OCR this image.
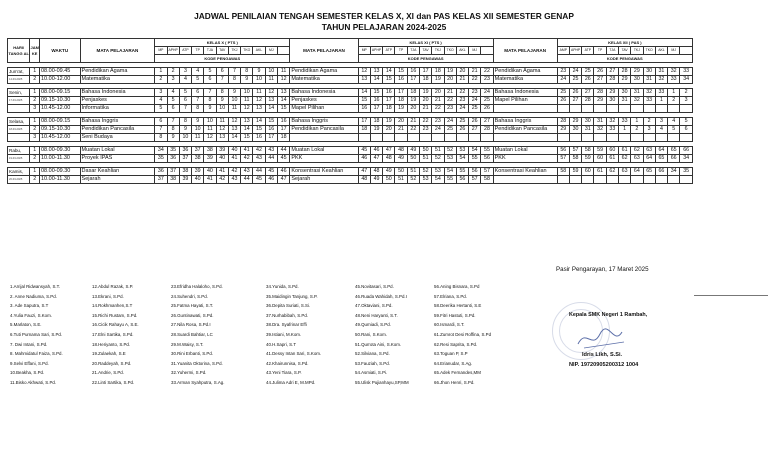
JADWAL PENILAIAN TENGAH SEMESTER KELAS X, XI dan PAS KELAS XII SEMESTER GENAP
TAHUN PELAJARAN 2024-2025
HARI/ TANGG AL	JAM KE	WAKTU	MATA PELAJARAN	KELAS X ( PTS )											MATA PELAJARAN	KELAS XI ( PTS )											MATA PELAJARAN	KELAS XII ( PAS )										
				MP	APHP	ATP	TP	TJA	TAV	TKJ	TKO	AKL	MJ			MP	APHP	ATP	TP	TJA	TAV	TKJ	TKO	AKL	MJ			AMP	APHP	ATP	TP	TJA	TAV	TKJ	TKO	AKL	MJ	
				KODE PENGAWAS												KODE PENGAWAS												KODE PENGAWAS										

Jum'at,	1	08.00-09.45	Pendidikan Agama	1	2	3	4	5	6	7	8	9	10	11	Pendidikan Agama	12	13	14	15	16	17	18	19	20	21	22	Pendidikan Agama	23	24	25	26	27	28	29	30	31	32	33
14-03-2025	2	10.00-12.00	Matematika	2	3	4	5	6	7	8	9	10	11	12	Matematika	13	14	15	16	17	18	19	20	21	22	23	Matematika	24	25	26	27	28	29	30	31	32	33	34

Senin,	1	08.00-09.15	Bahasa Indonesia	3	4	5	6	7	8	9	10	11	12	13	Bahasa Indonesia	14	15	16	17	18	19	20	21	22	23	24	Bahasa Indonesia	25	26	27	28	29	30	31	32	33	1	2
17-03-2025	2	09.15-10.30	Penjaskes	4	5	6	7	8	9	10	11	12	13	14	Penjaskes	15	16	17	18	19	20	21	22	23	24	25	Mapel Pilihan	26	27	28	29	30	31	32	33	1	2	3
	3	10.45-12.00	Informatika	5	6	7	8	9	10	11	12	13	14	15	Mapel Pilihan	16	17	18	19	20	21	22	23	24	25	26												

Selasa,	1	08.00-09.15	Bahasa Inggris	6	7	8	9	10	11	12	13	14	15	16	Bahasa Inggris	17	18	19	20	21	22	23	24	25	26	27	Bahasa Inggris	28	29	30	31	32	33	1	2	3	4	5
18-03-2025	2	09.15-10.30	Pendidikan Pancasila	7	8	9	10	11	12	13	14	15	16	17	Pendidikan Pancasila	18	19	20	21	22	23	24	25	26	27	28	Pendidikan Pancasila	29	30	31	32	33	1	2	3	4	5	6
	3	10.45-12.00	Seni Budaya	8	9	10	11	12	13	14	15	16	17	18																								

Rabu,	1	08.00-09.30	Muatan Lokal	34	35	36	37	38	39	40	41	42	43	44	Muatan Lokal	45	46	47	48	49	50	51	52	53	54	55	Muatan Lokal	56	57	58	59	60	61	62	63	64	65	66
19-03-2025	2	10.00-11.30	Proyek IPAS	35	36	37	38	39	40	41	42	43	44	45	PKK	46	47	48	49	50	51	52	53	54	55	56	PKK	57	58	59	60	61	62	63	64	65	66	34

Kamis,	1	08.00-09.30	Dasar Keahlian	36	37	38	39	40	41	42	43	44	45	46	Konsentrasi Keahlian	47	48	49	50	51	52	53	54	55	56	57	Konsentrasi Keahlian	58	59	60	61	62	63	64	65	66	34	35
20-03-2025	2	10.00-11.30	Sejarah	37	38	39	40	41	42	43	44	45	46	47	Sejarah	48	49	50	51	52	53	54	55	56	57	58												
1.Arrijal Ridwansyah, S.T.
2. Anne Nadiuma, S.Pd.
3. Ade Saputra, S.T
4.Yulia Fauzi, S.Kom.
5.Marlaton, S.E.
6.Tuti Purnama Sari, S.Pd.
7. Dwi Intani, S.Pd.
8. Mahmidatul Faiza, S.Pd.
9.Selvi Effani, S.Pd.
10.Beakha, S.Pd.
11.Bisko Akhwati, S.Pd.
12.Abdul Razak, S.P.
13.Ekrani, S.Pd.
14.Rokhmanhen,S.T
15.Richi Rustam, S.Pd.
16.Cicik Rahayu A, S.E.
17.Elni Sartika, S.Pd.
18.Heriyanto, S.Pd.
19.Zulaekah, S.E
20.Raddeyah, S.Pd.
21.Andrie, S.Pd.
22.Linti Sartika, S.Pd.
23.Efridha Halaloho, S.Pd.
24.Suhendri, S.Pd.
25.Fatma Hayati, S.T.
26.Guntinawati, S.Pd.
27.Nila Rosa, S.Pd.I
28.Suardi Bahtiar, LC
29.M.Waisy, S.T.
30.Rini Erbanti, S.Pd.
31.Yuanita Oktorina, S.Pd.
32.Yuhermi, S.Pd.
33.Arman Syahputra, S.Ag.
34.Yunida, S.Pd.
35.Maidingin Tanjung, S.P.
36.Depita Suriati, S.Si.
37.Nurhabibah, S.Pd.
38.Dra. Syafrinar Effi
39.Istiani, M.Kom.
40.H.Sapri, S.T
41.Dessy Intan Sari, S.Kom.
42.Khairunnisa, S.Pd.
43.Yeni Tiara, S.P.
44.Julima Adri E, M.MPd.
45.Novitasari, S.Pd.
46.Ruada Wahidah, S.Pd.I
47.Oktaviani, S.Pd.
48.Neni Haryanti, S.T.
49.Qurniadi, S.Pd.
50.Rani, S.Kom.
51.Qurrota Aini, S.Kom.
52.Silviana, S.Pd.
53.Fauziah, S.Pd.
54.Asmiati, S.Pi.
55.Ulisk Pujianhayu,SP,MM
56.Aning Bisnara, S.Pd
57.Elriana, S.Pd.
58.Deerika Hertanti, S.E
59.Fitri Hastuti, S.Pd.
60.Ismardi, S.T.
61.Zumrot Desi Roffina, S.Pd
62.Resi Saprita, S.Pd.
63.Toguan P, S.P
64.Erianudar, S.Ag.
65.Adek Fernandes,MM
66.Jhon Henri, S.Pd.
Pasir Pengarayan, 17 Maret 2025
Kepala SMK Negeri 1 Rambah,
Idris Likh, S.Si.
NIP. 19720905200312 1004
